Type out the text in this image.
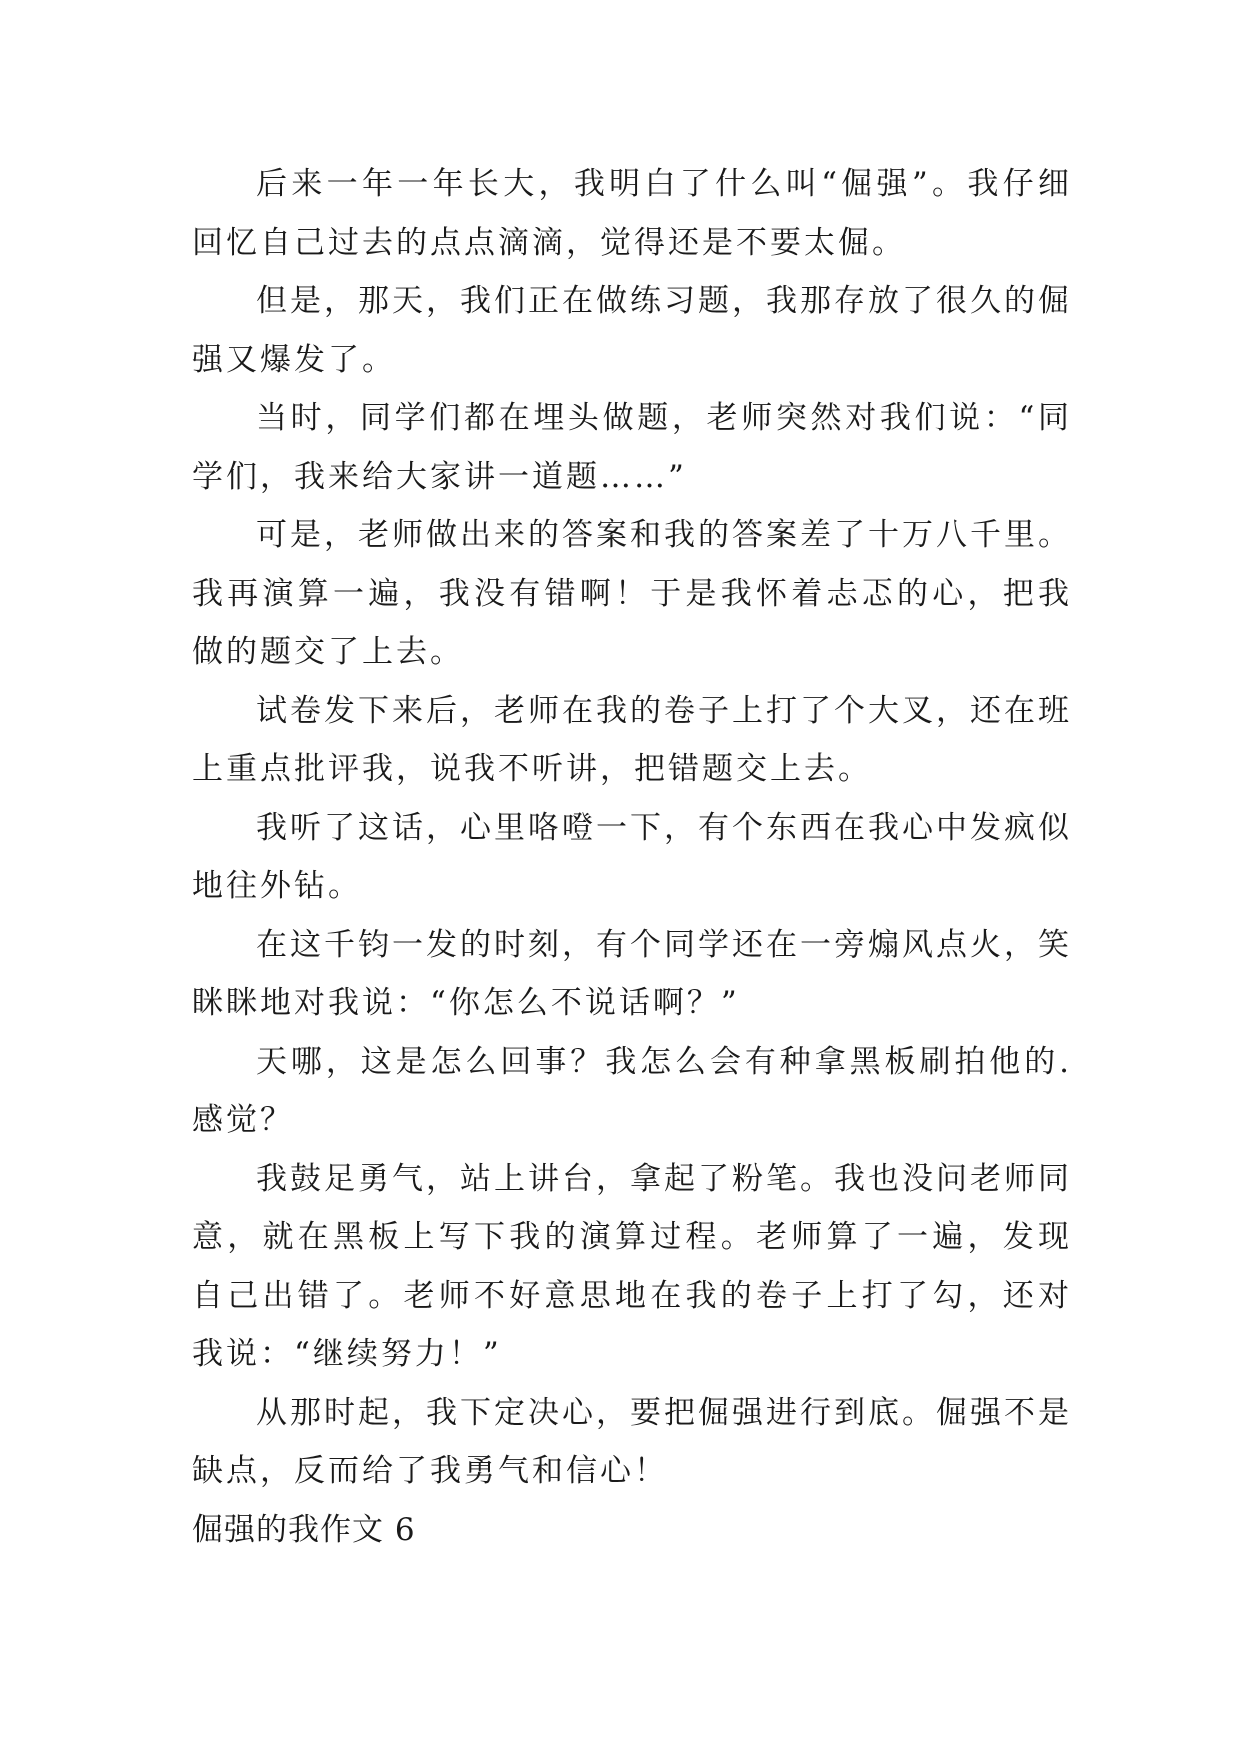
后来一年一年长大，我明白了什么叫“倔强”。我仔细回忆自己过去的点点滴滴，觉得还是不要太倔。

但是，那天，我们正在做练习题，我那存放了很久的倔强又爆发了。

当时，同学们都在埋头做题，老师突然对我们说：“同学们，我来给大家讲一道题……”

可是，老师做出来的答案和我的答案差了十万八千里。我再演算一遍，我没有错啊！于是我怀着忐忑的心，把我做的题交了上去。

试卷发下来后，老师在我的卷子上打了个大叉，还在班上重点批评我，说我不听讲，把错题交上去。

我听了这话，心里咯噔一下，有个东西在我心中发疯似地往外钻。

在这千钧一发的时刻，有个同学还在一旁煽风点火，笑眯眯地对我说：“你怎么不说话啊？”

天哪，这是怎么回事？我怎么会有种拿黑板刷拍他的.感觉？

我鼓足勇气，站上讲台，拿起了粉笔。我也没问老师同意，就在黑板上写下我的演算过程。老师算了一遍，发现自己出错了。老师不好意思地在我的卷子上打了勾，还对我说：“继续努力！”

从那时起，我下定决心，要把倔强进行到底。倔强不是缺点，反而给了我勇气和信心！

倔强的我作文 6
